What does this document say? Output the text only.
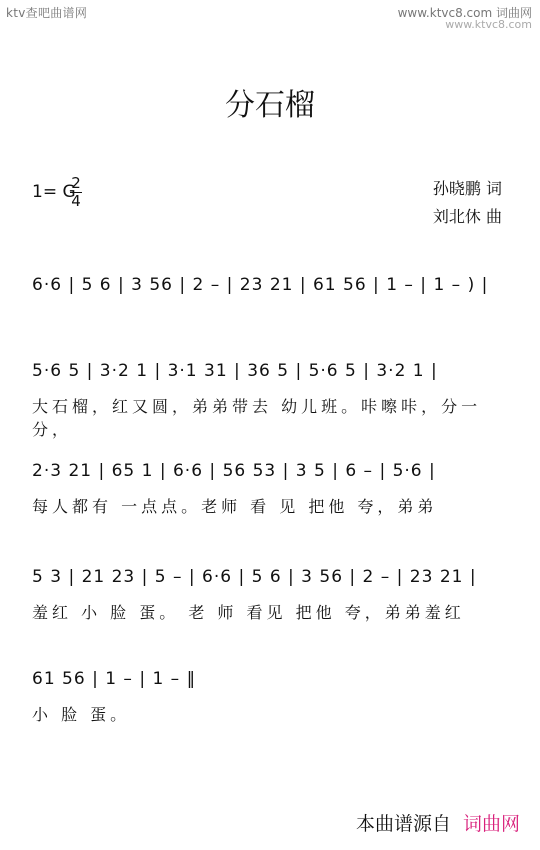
ktv查吧曲谱网	www.ktvc8.com 词曲网
www.ktvc8.com
分石榴
1= G
2
4
孙晓鹏 词
刘北休 曲
6·6 | 5 6 | 3 56 | 2 – | 23 21 | 61 56 | 1 – | 1 – ) |
5·6 5 | 3·2 1 | 3·1 31 | 36 5 | 5·6 5 | 3·2 1 |
大石榴，红又圆，弟弟带去 幼儿班。咔嚓咔，分一分，
2·3 21 | 65 1 | 6·6 | 56 53 | 3 5 | 6 – | 5·6 |
每人都有 一点点。老师 看 见 把他 夸，弟弟
5 3 | 21 23 | 5 – | 6·6 | 5 6 | 3 56 | 2 – | 23 21 |
羞红 小 脸 蛋。 老 师 看见 把他 夸，弟弟羞红
61 56 | 1 – | 1 – ‖
小 脸 蛋。
本曲谱源自 词曲网
